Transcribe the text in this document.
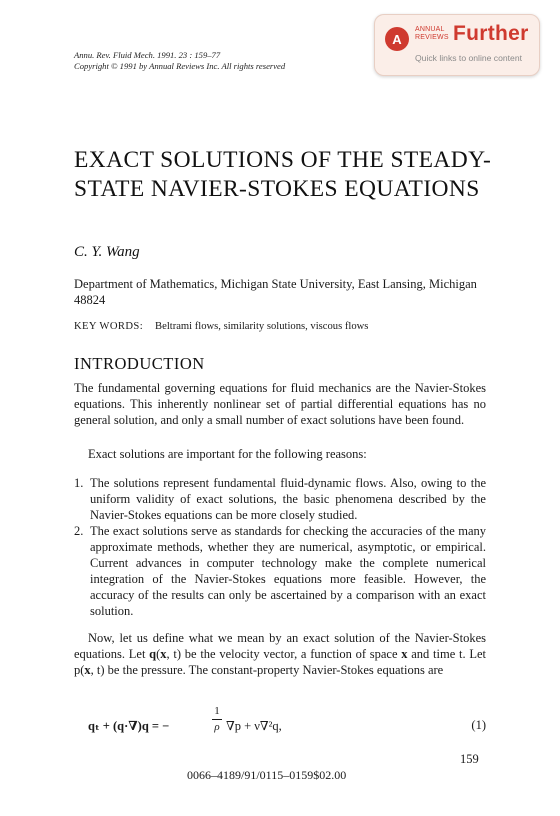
Annu. Rev. Fluid Mech. 1991. 23 : 159–77
Copyright © 1991 by Annual Reviews Inc. All rights reserved
A
ANNUAL
REVIEWS Further
Quick links to online content
EXACT SOLUTIONS OF THE STEADY-STATE NAVIER-STOKES EQUATIONS
C. Y. Wang
Department of Mathematics, Michigan State University, East Lansing, Michigan 48824
KEY WORDS: Beltrami flows, similarity solutions, viscous flows
INTRODUCTION
The fundamental governing equations for fluid mechanics are the Navier-Stokes equations. This inherently nonlinear set of partial differential equations has no general solution, and only a small number of exact solutions have been found.
Exact solutions are important for the following reasons:
1. The solutions represent fundamental fluid-dynamic flows. Also, owing to the uniform validity of exact solutions, the basic phenomena described by the Navier-Stokes equations can be more closely studied.
2. The exact solutions serve as standards for checking the accuracies of the many approximate methods, whether they are numerical, asymptotic, or empirical. Current advances in computer technology make the complete numerical integration of the Navier-Stokes equations more feasible. However, the accuracy of the results can only be ascertained by a comparison with an exact solution.
Now, let us define what we mean by an exact solution of the Navier-Stokes equations. Let q(x, t) be the velocity vector, a function of space x and time t. Let p(x, t) be the pressure. The constant-property Navier-Stokes equations are
qₜ + (q·∇)q = −
1
ρ ∇p + ν∇²q,	(1)
159
0066–4189/91/0115–0159$02.00
